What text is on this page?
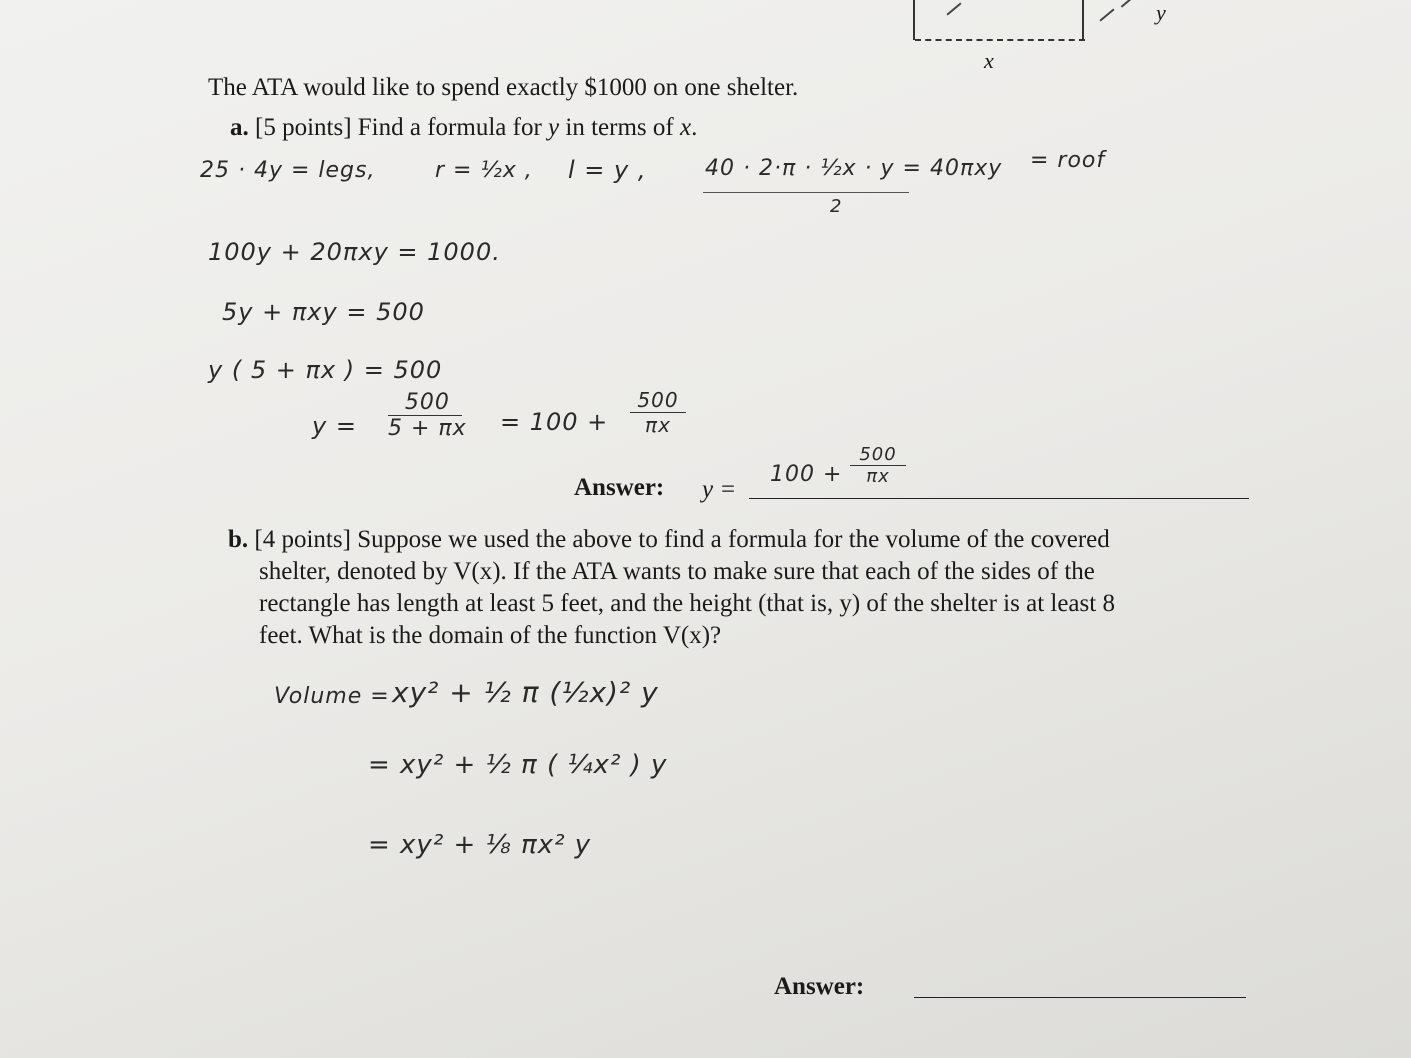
x
y
The ATA would like to spend exactly $1000 on one shelter.
a. [5 points] Find a formula for y in terms of x.
25 · 4y = legs,	r = ½x , l = y ,	40 · 2·π · ½x · y = 40πxy
2
= roof
100y + 20πxy = 1000.
5y + πxy = 500
y ( 5 + πx ) = 500
y =
500
5 + πx = 100 +
500
πx
Answer: y =
100 +
500
πx
b. [4 points] Suppose we used the above to find a formula for the volume of the covered
shelter, denoted by V(x). If the ATA wants to make sure that each of the sides of the
rectangle has length at least 5 feet, and the height (that is, y) of the shelter is at least 8
feet. What is the domain of the function V(x)?
Volume = xy² + ½ π (½x)² y
= xy² + ½ π ( ¼x² ) y
= xy² + ⅛ πx² y
Answer:
